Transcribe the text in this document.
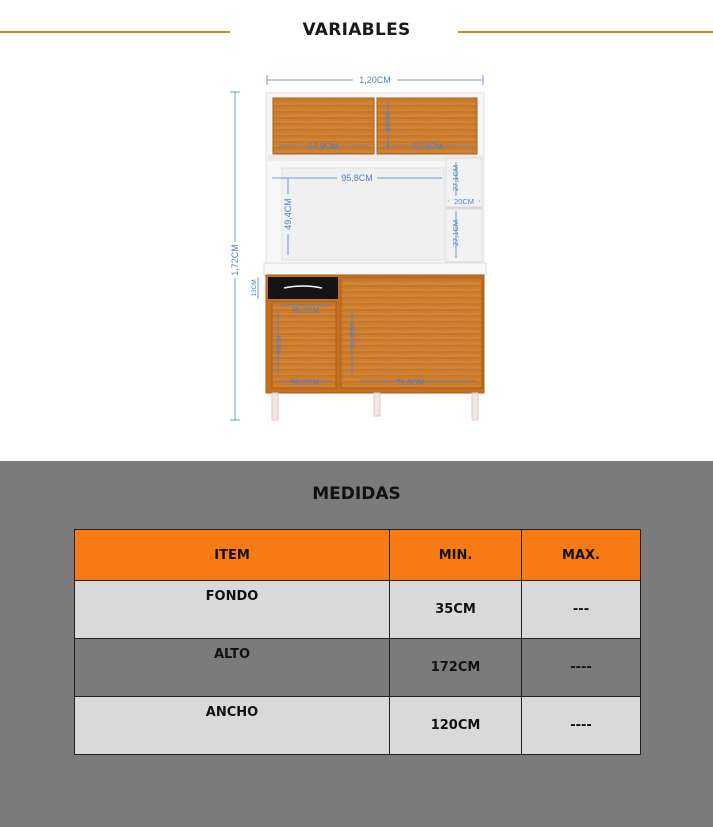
VARIABLES
1,20CM
1,72CM
57,9CM	57,9CM
32CM
95,8CM
49,4CM
27,1CM
20CM
27,1CM
13CM
36,2CM
40CM
36,2CM
51,5CM
71,6CM
MEDIDAS
ITEM	MIN.	MAX.
FONDO	35CM	---
ALTO	172CM	----
ANCHO	120CM	----
